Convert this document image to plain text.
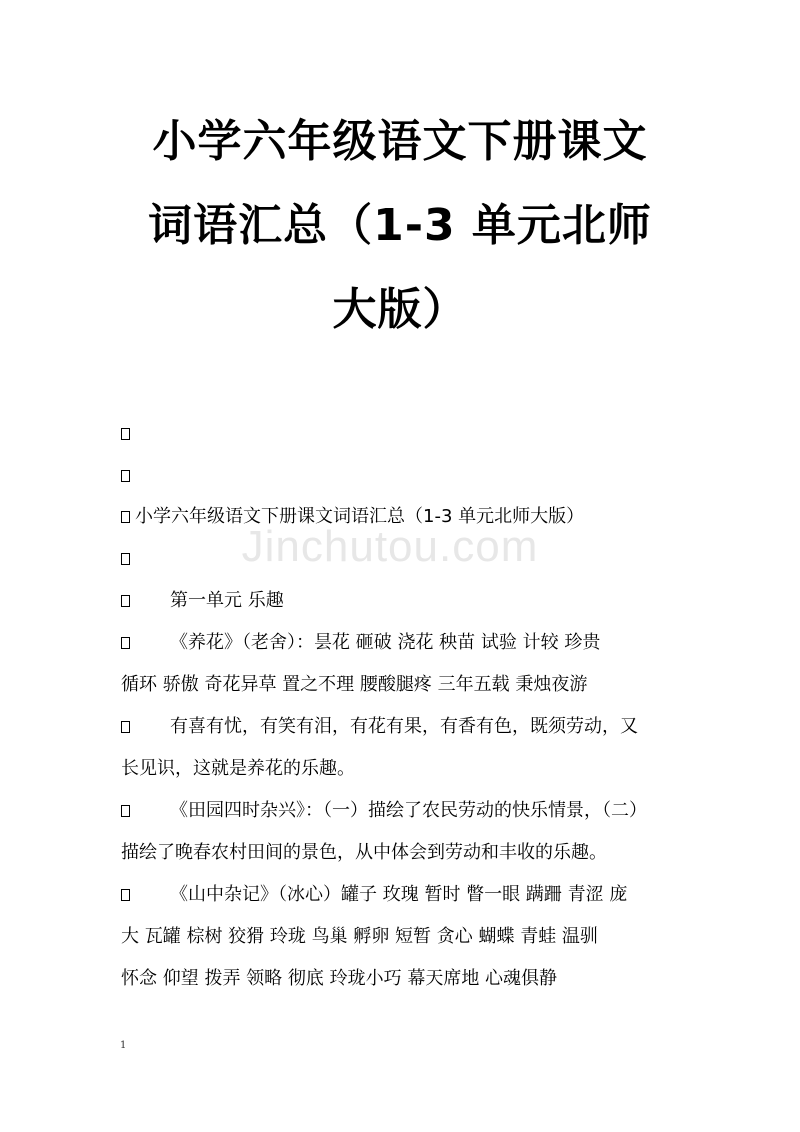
小学六年级语文下册课文
词语汇总（1-3 单元北师
大版）
Jinchutou.com
小学六年级语文下册课文词语汇总（1-3 单元北师大版）
第一单元 乐趣
《养花》（老舍）：昙花 砸破 浇花 秧苗 试验 计较 珍贵
循环 骄傲 奇花异草 置之不理 腰酸腿疼 三年五载 秉烛夜游
有喜有忧，有笑有泪，有花有果，有香有色，既须劳动，又
长见识，这就是养花的乐趣。
《田园四时杂兴》：（一）描绘了农民劳动的快乐情景，（二）
描绘了晚春农村田间的景色，从中体会到劳动和丰收的乐趣。
《山中杂记》（冰心）罐子 玫瑰 暂时 瞥一眼 蹒跚 青涩 庞
大 瓦罐 棕树 狡猾 玲珑 鸟巢 孵卵 短暂 贪心 蝴蝶 青蛙 温驯
怀念 仰望 拨弄 领略 彻底 玲珑小巧 幕天席地 心魂俱静
1
